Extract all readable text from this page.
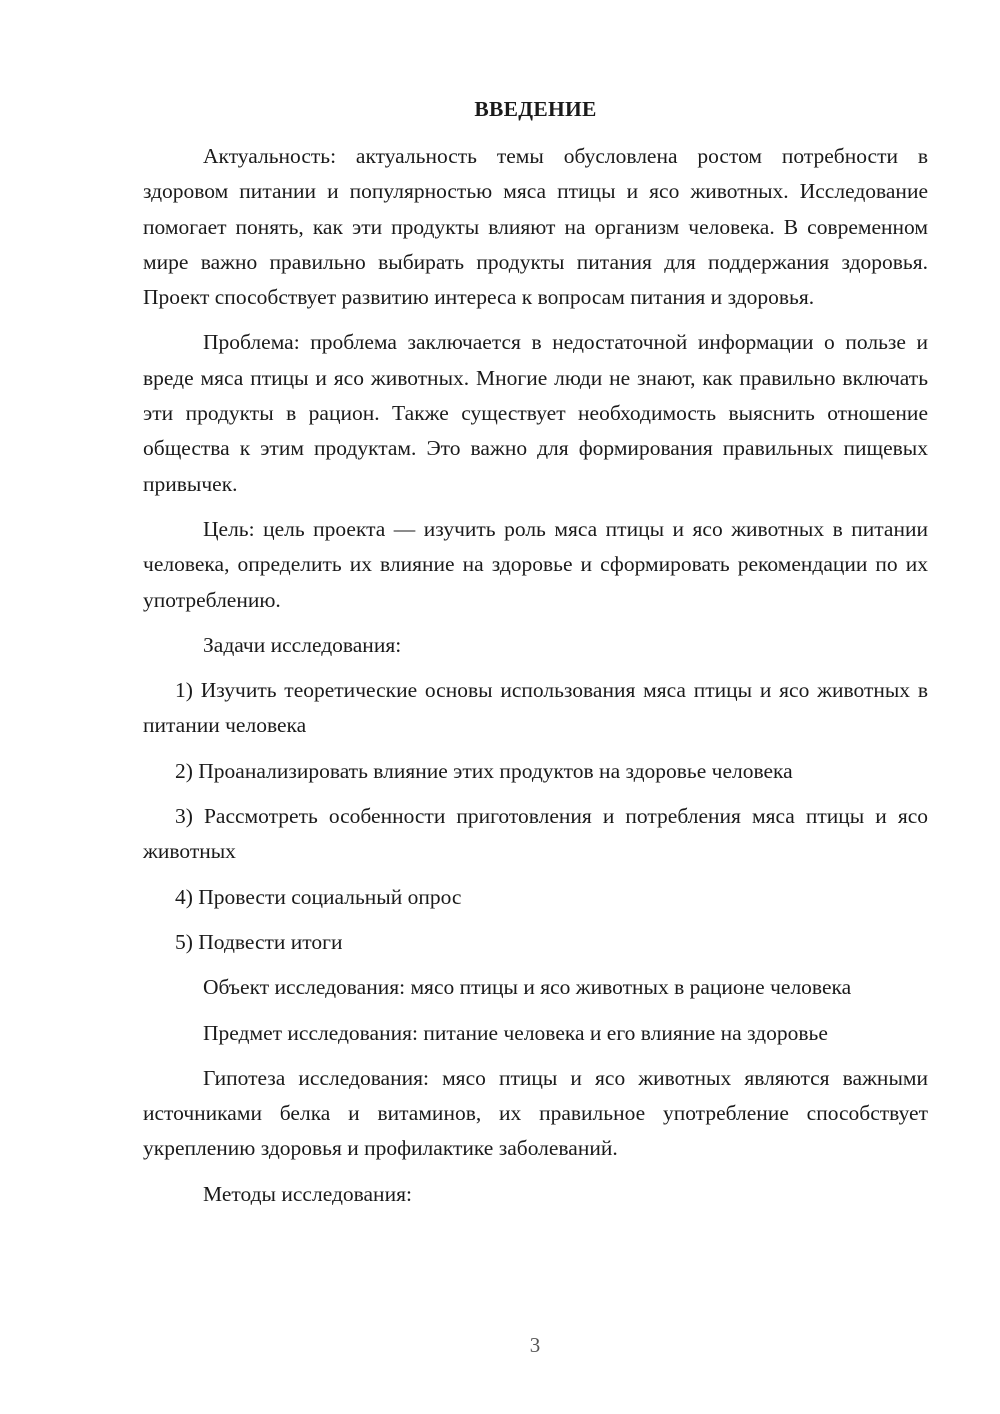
ВВЕДЕНИЕ

Актуальность: актуальность темы обусловлена ростом потребности в здоровом питании и популярностью мяса птицы и ясо животных. Исследование помогает понять, как эти продукты влияют на организм человека. В современном мире важно правильно выбирать продукты питания для поддержания здоровья. Проект способствует развитию интереса к вопросам питания и здоровья.

Проблема: проблема заключается в недостаточной информации о пользе и вреде мяса птицы и ясо животных. Многие люди не знают, как правильно включать эти продукты в рацион. Также существует необходимость выяснить отношение общества к этим продуктам. Это важно для формирования правильных пищевых привычек.

Цель: цель проекта — изучить роль мяса птицы и ясо животных в питании человека, определить их влияние на здоровье и сформировать рекомендации по их употреблению.

Задачи исследования:

1) Изучить теоретические основы использования мяса птицы и ясо животных в питании человека

2) Проанализировать влияние этих продуктов на здоровье человека

3) Рассмотреть особенности приготовления и потребления мяса птицы и ясо животных

4) Провести социальный опрос

5) Подвести итоги

Объект исследования: мясо птицы и ясо животных в рационе человека

Предмет исследования: питание человека и его влияние на здоровье

Гипотеза исследования: мясо птицы и ясо животных являются важными источниками белка и витаминов, их правильное употребление способствует укреплению здоровья и профилактике заболеваний.

Методы исследования:

3
